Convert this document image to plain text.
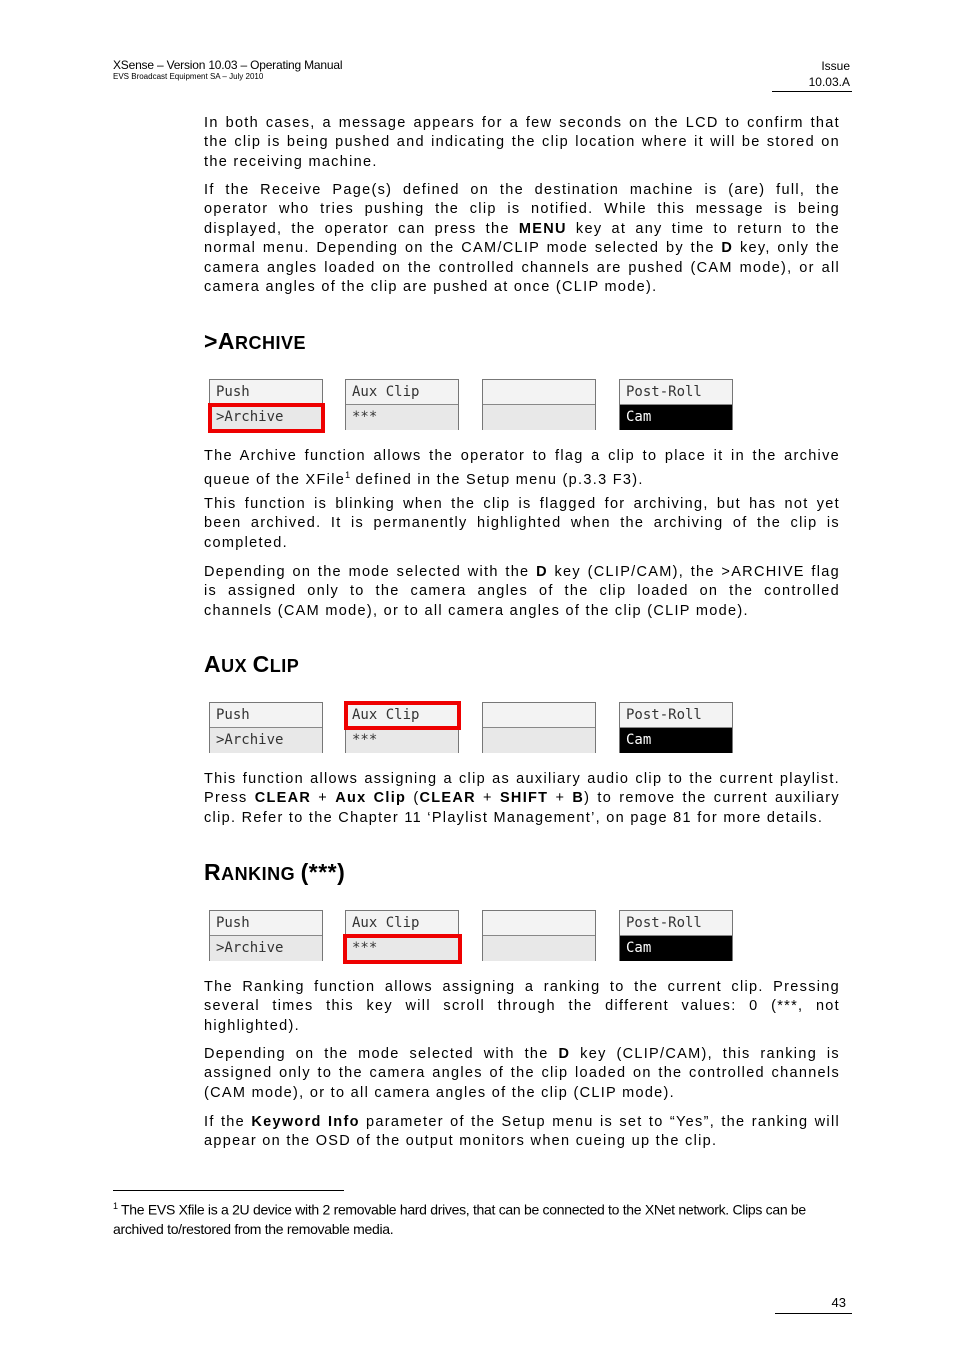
XSense – Version 10.03 – Operating Manual
EVS Broadcast Equipment SA – July 2010
Issue
10.03.A

In both cases, a message appears for a few seconds on the LCD to confirm that the clip is being pushed and indicating the clip location where it will be stored on the receiving machine.

If the Receive Page(s) defined on the destination machine is (are) full, the operator who tries pushing the clip is notified. While this message is being displayed, the operator can press the MENU key at any time to return to the normal menu. Depending on the CAM/CLIP mode selected by the D key, only the camera angles loaded on the controlled channels are pushed (CAM mode), or all camera angles of the clip are pushed at once (CLIP mode).

>ARCHIVE
Push
>Archive
Aux Clip
***
Post-Roll
Cam

The Archive function allows the operator to flag a clip to place it in the archive queue of the XFile$^1$ defined in the Setup menu (p.3.3 F3).

This function is blinking when the clip is flagged for archiving, but has not yet been archived. It is permanently highlighted when the archiving of the clip is completed.

Depending on the mode selected with the D key (CLIP/CAM), the >ARCHIVE flag is assigned only to the camera angles of the clip loaded on the controlled channels (CAM mode), or to all camera angles of the clip (CLIP mode).

AUX CLIP
Push
>Archive
Aux Clip
***
Post-Roll
Cam

This function allows assigning a clip as auxiliary audio clip to the current playlist. Press CLEAR + Aux Clip (CLEAR + SHIFT + B) to remove the current auxiliary clip. Refer to the Chapter 11 ‘Playlist Management’, on page 81 for more details.

RANKING (***)
Push
>Archive
Aux Clip
***
Post-Roll
Cam

The Ranking function allows assigning a ranking to the current clip. Pressing several times this key will scroll through the different values: 0 (***, not highlighted).

Depending on the mode selected with the D key (CLIP/CAM), this ranking is assigned only to the camera angles of the clip loaded on the controlled channels (CAM mode), or to all camera angles of the clip (CLIP mode).

If the Keyword Info parameter of the Setup menu is set to “Yes”, the ranking will appear on the OSD of the output monitors when cueing up the clip.

$^1$ The EVS Xfile is a 2U device with 2 removable hard drives, that can be connected to the XNet network. Clips can be archived to/restored from the removable media.

43
